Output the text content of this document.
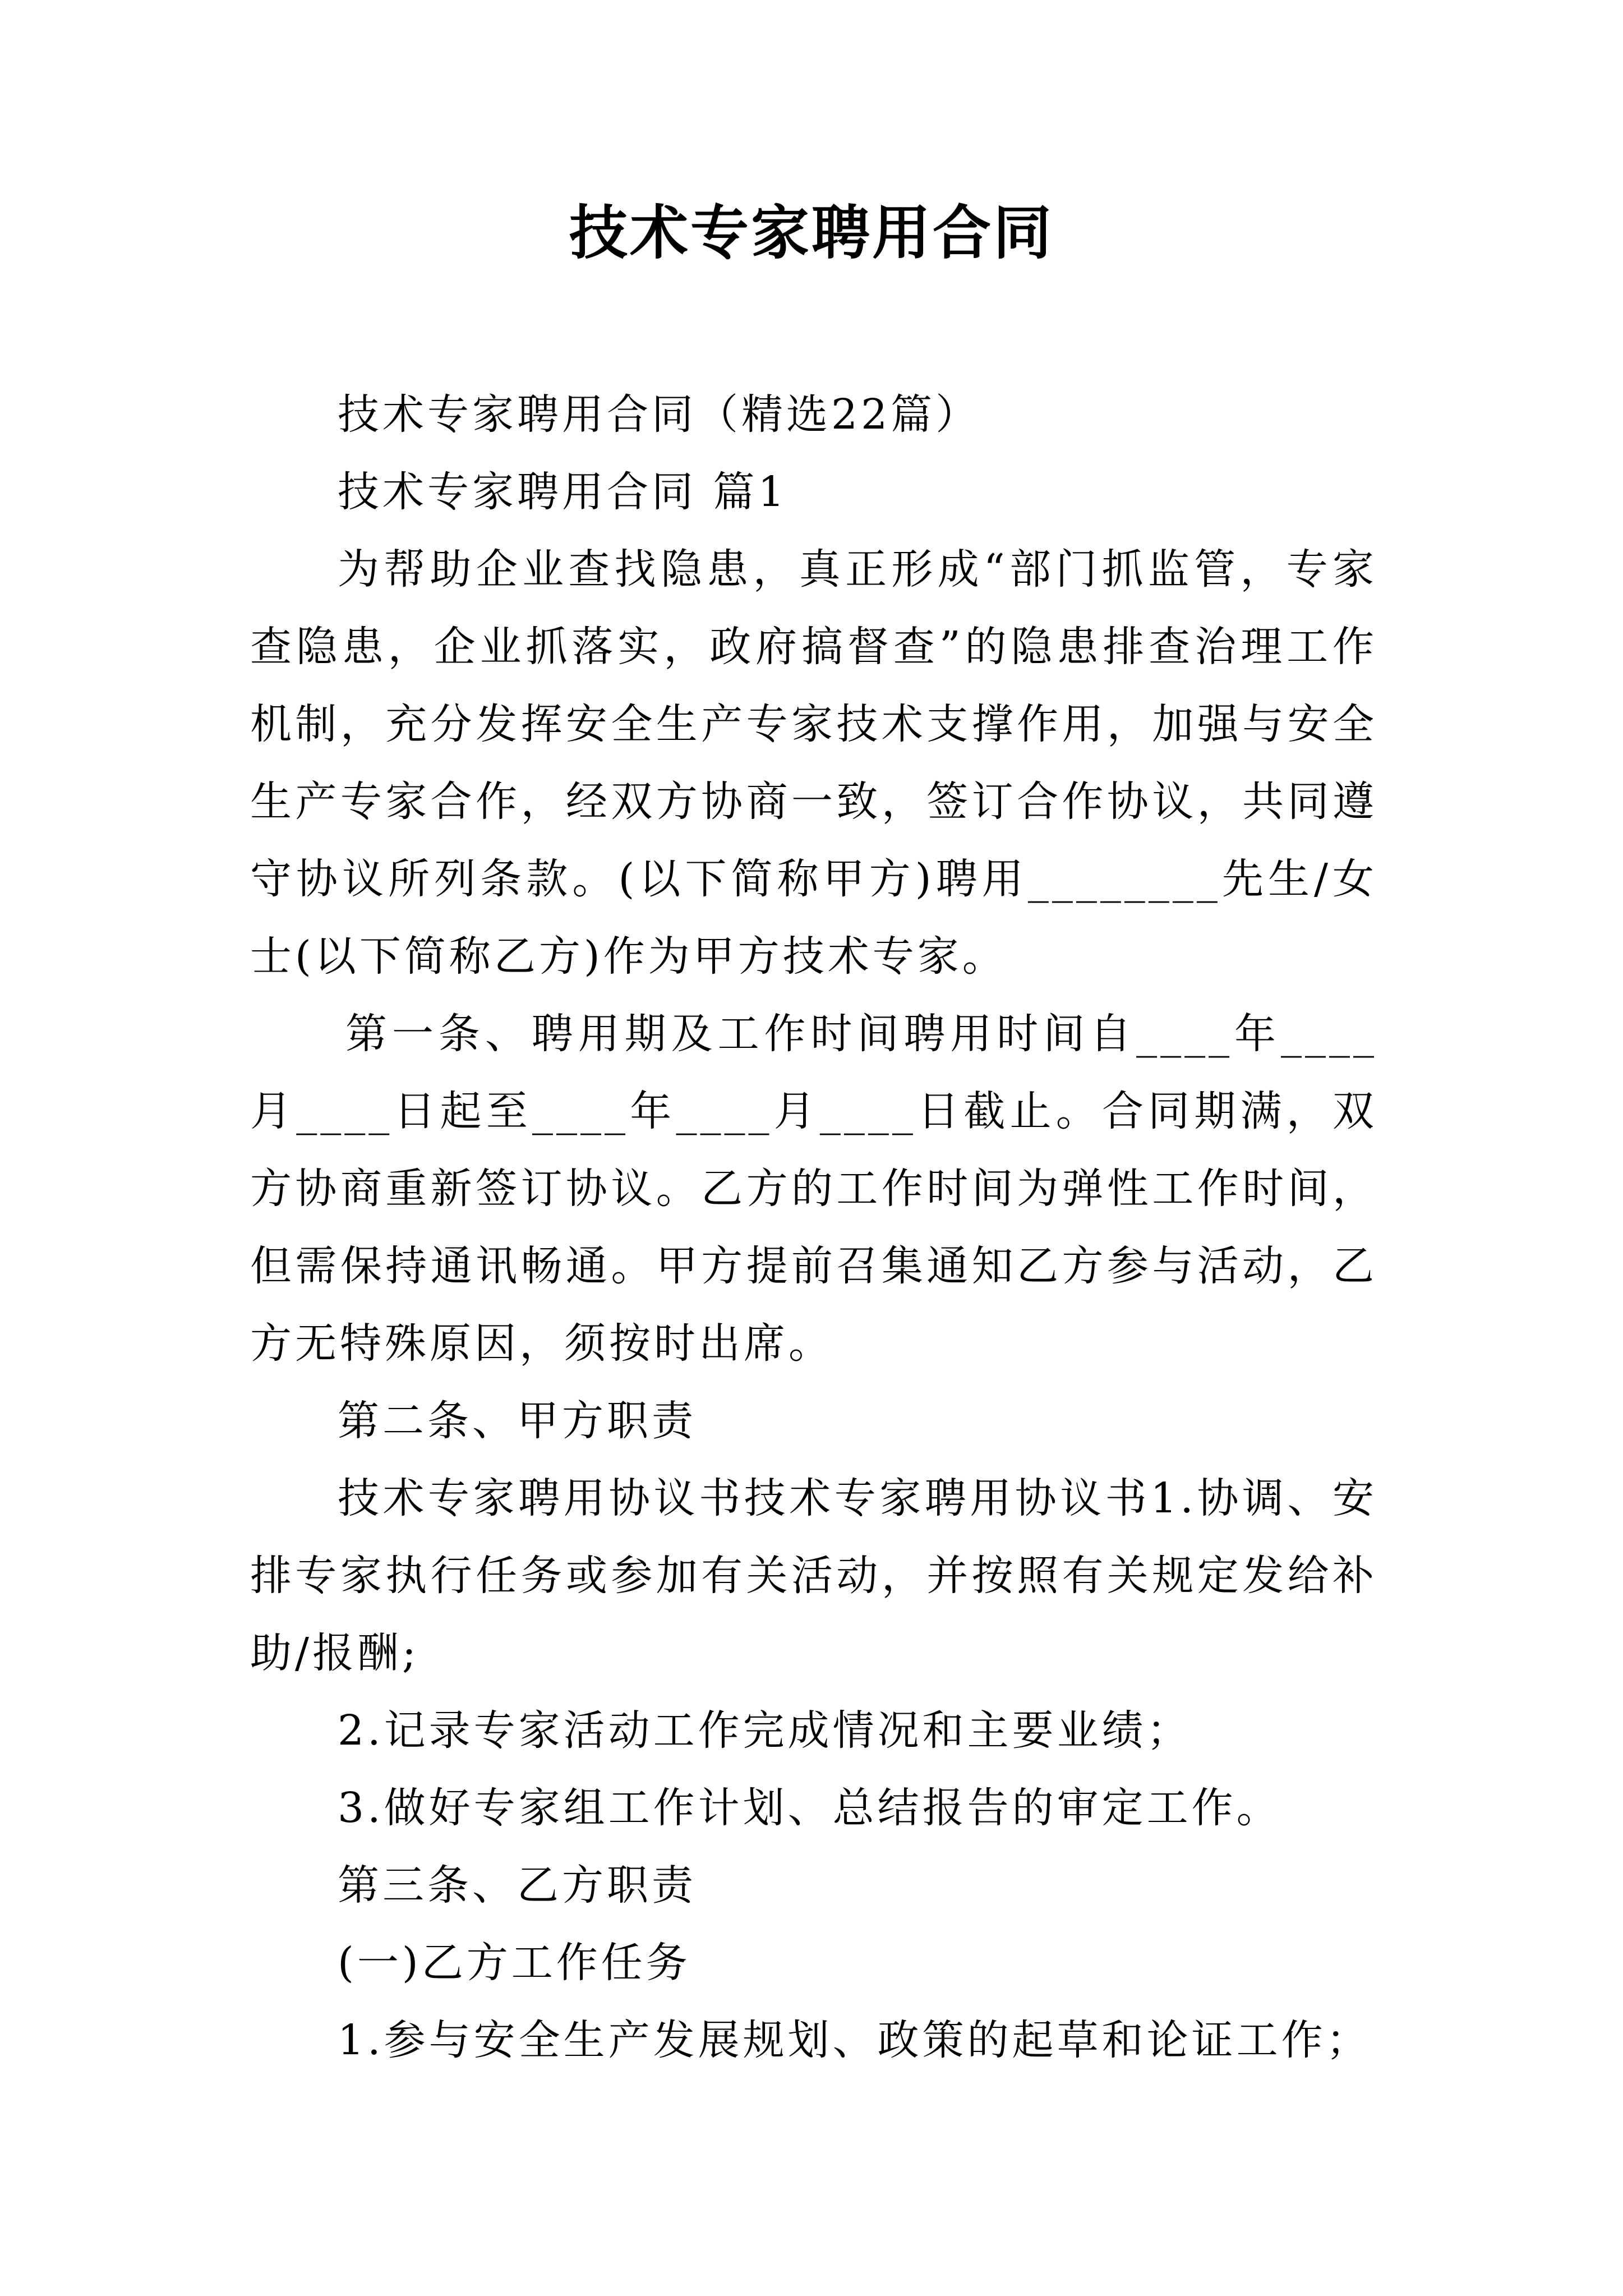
技术专家聘用合同

技术专家聘用合同（精选22篇）

技术专家聘用合同 篇1

为帮助企业查找隐患，真正形成“部门抓监管，专家查隐患，企业抓落实，政府搞督查”的隐患排查治理工作机制，充分发挥安全生产专家技术支撑作用，加强与安全生产专家合作，经双方协商一致，签订合作协议，共同遵守协议所列条款。(以下简称甲方)聘用________先生/女士(以下简称乙方)作为甲方技术专家。

第一条、聘用期及工作时间聘用时间自____年____月____日起至____年____月____日截止。合同期满，双方协商重新签订协议。乙方的工作时间为弹性工作时间，但需保持通讯畅通。甲方提前召集通知乙方参与活动，乙方无特殊原因，须按时出席。

第二条、甲方职责

技术专家聘用协议书技术专家聘用协议书1.协调、安排专家执行任务或参加有关活动，并按照有关规定发给补助/报酬;

2.记录专家活动工作完成情况和主要业绩；

3.做好专家组工作计划、总结报告的审定工作。

第三条、乙方职责

(一)乙方工作任务

1.参与安全生产发展规划、政策的起草和论证工作；
